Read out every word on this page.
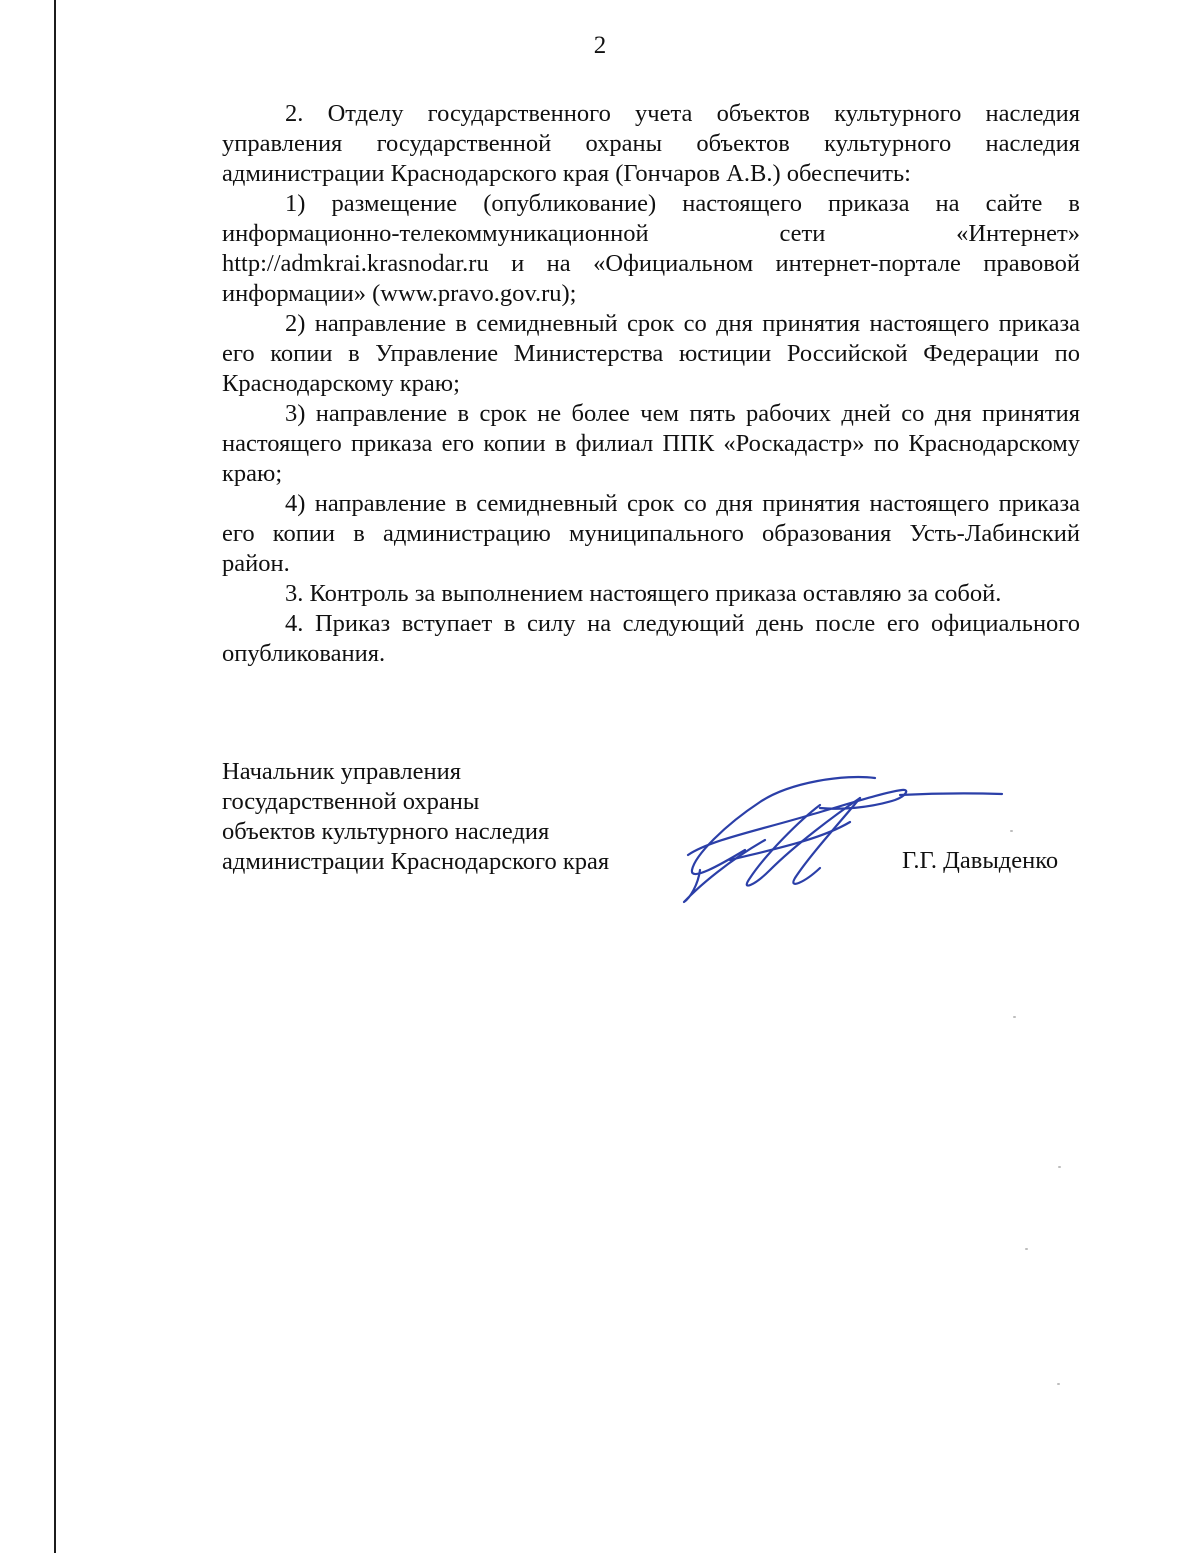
2

2. Отделу государственного учета объектов культурного наследия управления государственной охраны объектов культурного наследия администрации Краснодарского края (Гончаров А.В.) обеспечить:

1) размещение (опубликование) настоящего приказа на сайте в информационно-телекоммуникационной сети «Интернет» http://admkrai.krasnodar.ru и на «Официальном интернет-портале правовой информации» (www.pravo.gov.ru);

2) направление в семидневный срок со дня принятия настоящего приказа его копии в Управление Министерства юстиции Российской Федерации по Краснодарскому краю;

3) направление в срок не более чем пять рабочих дней со дня принятия настоящего приказа его копии в филиал ППК «Роскадастр» по Краснодарскому краю;

4) направление в семидневный срок со дня принятия настоящего приказа его копии в администрацию муниципального образования Усть-Лабинский район.

3. Контроль за выполнением настоящего приказа оставляю за собой.

4. Приказ вступает в силу на следующий день после его официального опубликования.

Начальник управления
государственной охраны
объектов культурного наследия
администрации Краснодарского края	Г.Г. Давыденко
